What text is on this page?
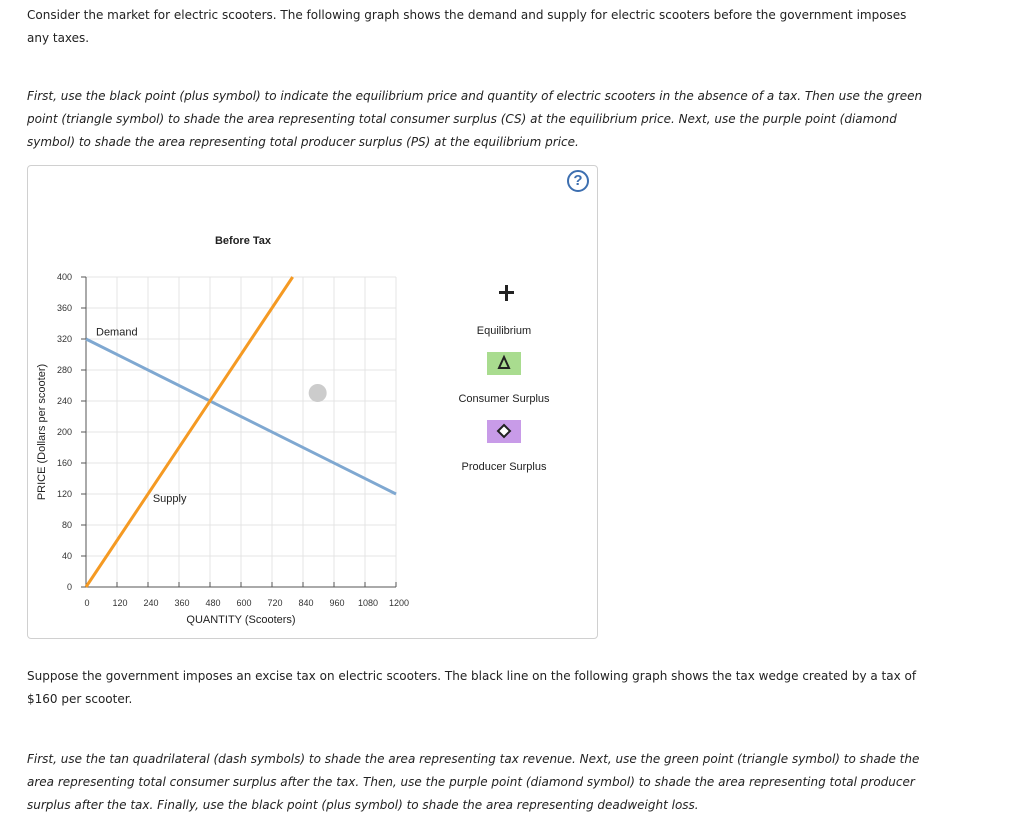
Consider the market for electric scooters. The following graph shows the demand and supply for electric scooters before the government imposes any taxes.

First, use the black point (plus symbol) to indicate the equilibrium price and quantity of electric scooters in the absence of a tax. Then use the green point (triangle symbol) to shade the area representing total consumer surplus (CS) at the equilibrium price. Next, use the purple point (diamond symbol) to shade the area representing total producer surplus (PS) at the equilibrium price.

?
0
40
80
120
160
200
240
280
320
360
400
0	120 240 360 480 600 720 840 960 1080 1200
Demand
Supply
Before Tax
QUANTITY (Scooters)
PRICE (Dollars per scooter)
Equilibrium
Consumer Surplus
Producer Surplus

Suppose the government imposes an excise tax on electric scooters. The black line on the following graph shows the tax wedge created by a tax of $160 per scooter.

First, use the tan quadrilateral (dash symbols) to shade the area representing tax revenue. Next, use the green point (triangle symbol) to shade the area representing total consumer surplus after the tax. Then, use the purple point (diamond symbol) to shade the area representing total producer surplus after the tax. Finally, use the black point (plus symbol) to shade the area representing deadweight loss.
